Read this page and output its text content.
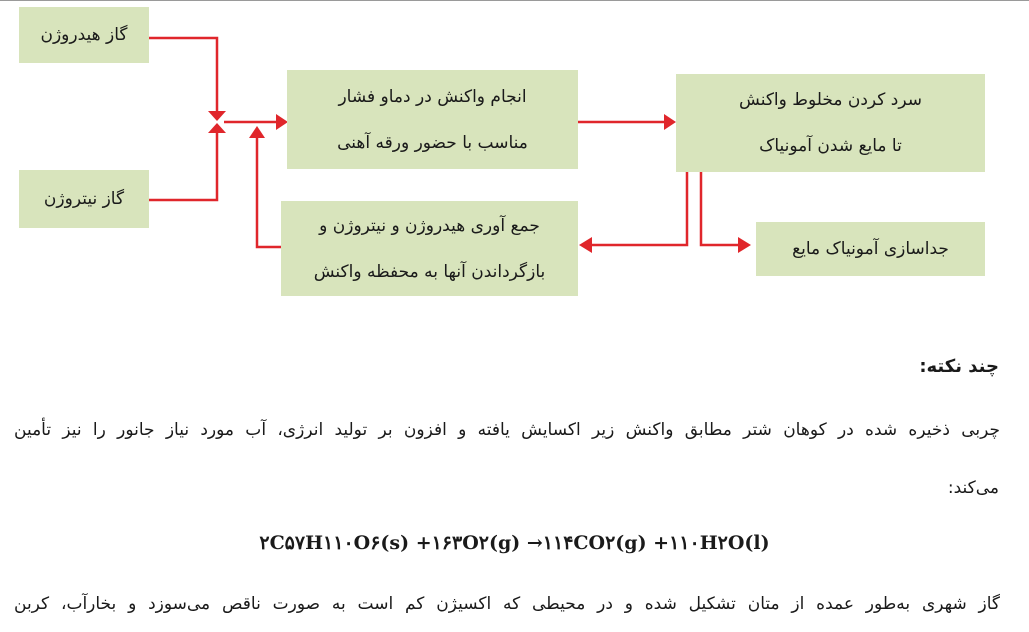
گاز هیدروژن
گاز نیتروژن
انجام واکنش در دماو فشار
مناسب با حضور ورقه آهنی
سرد کردن مخلوط واکنش
تا مایع شدن آمونیاک
جمع آوری هیدروژن و نیتروژن و
بازگرداندن آنها به محفظه واکنش
جداسازی آمونیاک مایع
چند نکته:
چربی ذخیره شده در کوهان شتر مطابق واکنش زیر اکسایش یافته و افزون بر تولید انرژی، آب مورد نیاز جانور را نیز تأمین
می‌کند:
۲C۵۷H۱۱۰O۶(s) +۱۶۳O۲(g) →۱۱۴CO۲(g) +۱۱۰H۲O(l)
گاز شهری به‌طور عمده از متان تشکیل شده و در محیطی که اکسیژن کم است به صورت ناقص می‌سوزد و بخارآب، کربن
